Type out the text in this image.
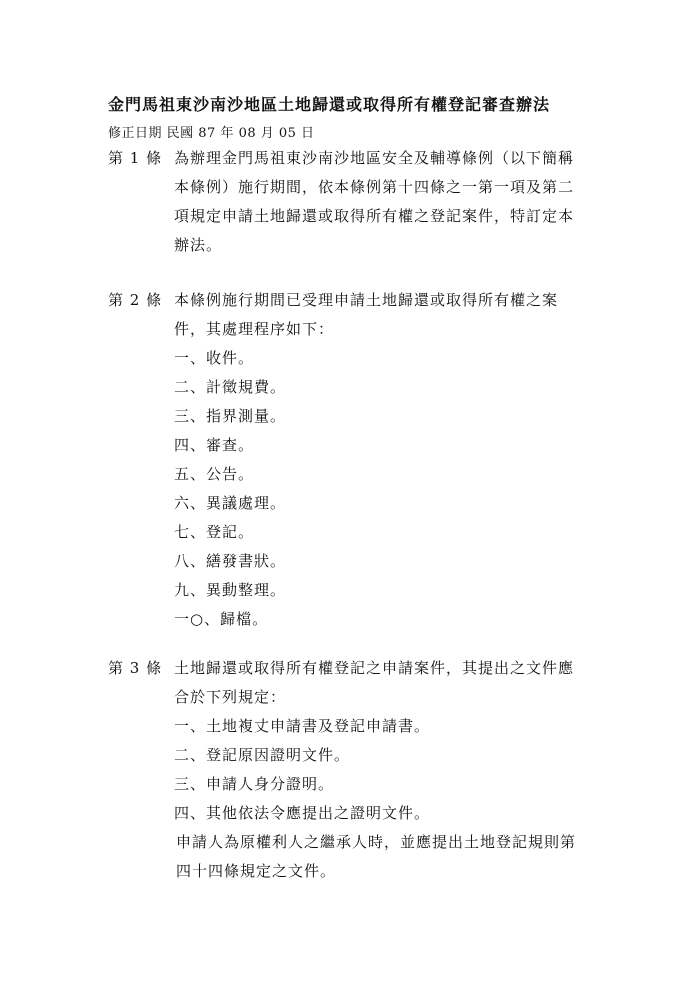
金門馬祖東沙南沙地區土地歸還或取得所有權登記審查辦法
修正日期 民國 87 年 08 月 05 日
第 1 條 為辦理金門馬祖東沙南沙地區安全及輔導條例（以下簡稱
本條例）施行期間，依本條例第十四條之一第一項及第二
項規定申請土地歸還或取得所有權之登記案件，特訂定本
辦法。
第 2 條 本條例施行期間已受理申請土地歸還或取得所有權之案
件，其處理程序如下：
一、收件。
二、計徵規費。
三、指界測量。
四、審查。
五、公告。
六、異議處理。
七、登記。
八、繕發書狀。
九、異動整理。
一○、歸檔。
第 3 條 土地歸還或取得所有權登記之申請案件，其提出之文件應
合於下列規定：
一、土地複丈申請書及登記申請書。
二、登記原因證明文件。
三、申請人身分證明。
四、其他依法令應提出之證明文件。
申請人為原權利人之繼承人時，並應提出土地登記規則第
四十四條規定之文件。
